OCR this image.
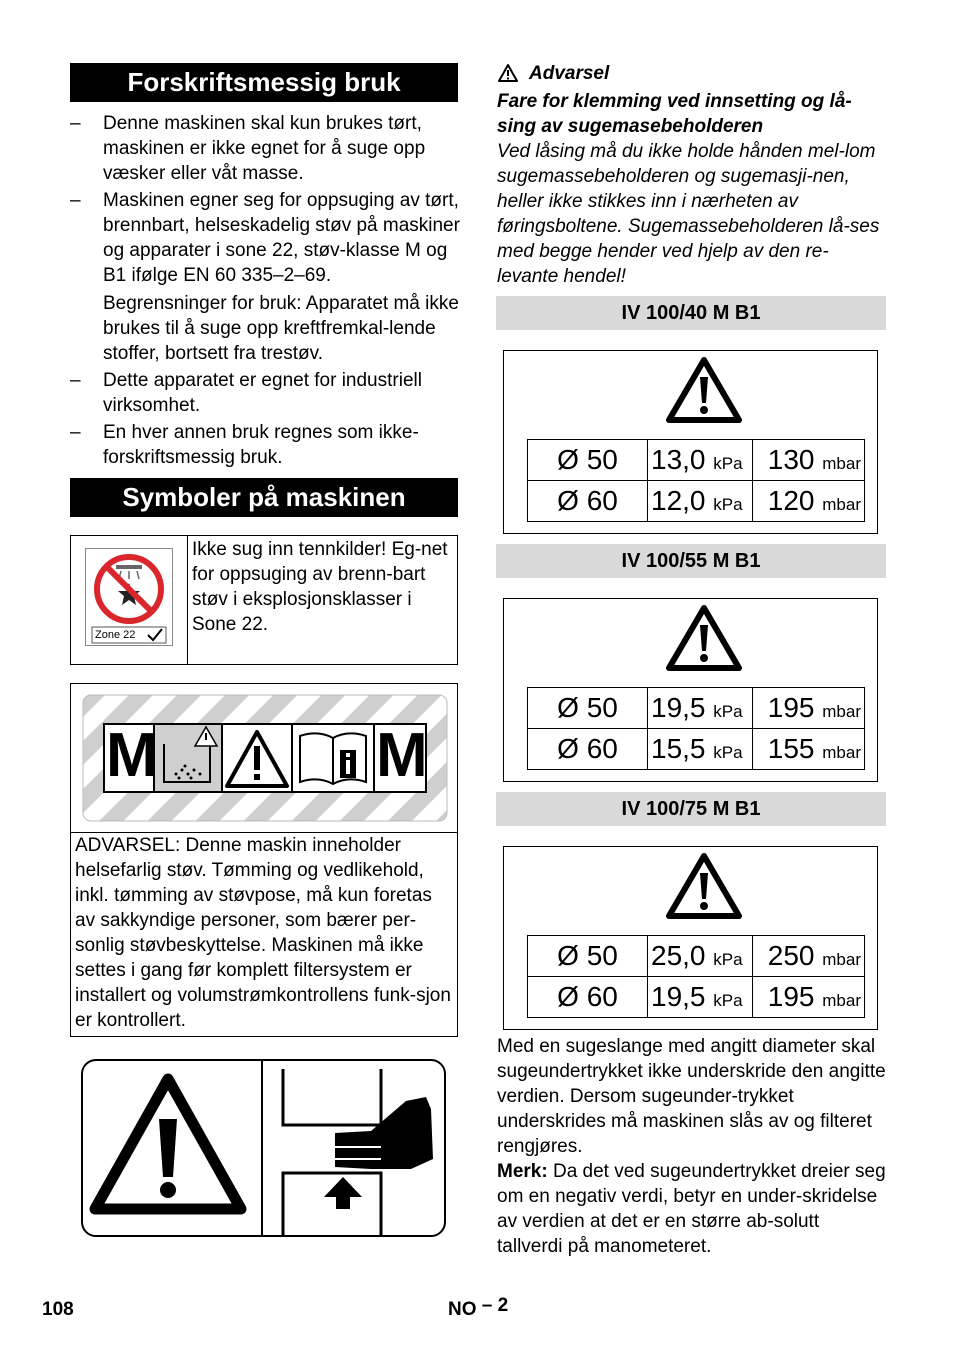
Forskriftsmessig bruk
–	Denne maskinen skal kun brukes tørt, maskinen er ikke egnet for å suge opp væsker eller våt masse.
–	Maskinen egner seg for oppsuging av tørt, brennbart, helseskadelig støv på maskiner og apparater i sone 22, støv-klasse M og B1 ifølge EN 60 335–2–69.
Begrensninger for bruk: Apparatet må ikke brukes til å suge opp kreftfremkal-lende stoffer, bortsett fra trestøv.
–	Dette apparatet er egnet for industriell virksomhet.
–	En hver annen bruk regnes som ikke-forskriftsmessig bruk.
Symboler på maskinen
Zone 22
Ikke sug inn tennkilder! Eg-net for oppsuging av brenn-bart støv i eksplosjonsklasser i Sone 22.
M	M
ADVARSEL: Denne maskin inneholder helsefarlig støv. Tømming og vedlikehold, inkl. tømming av støvpose, må kun foretas av sakkyndige personer, som bærer per-sonlig støvbeskyttelse. Maskinen må ikke settes i gang før komplett filtersystem er installert og volumstrømkontrollens funk-sjon er kontrollert.
Advarsel
Fare for klemming ved innsetting og lå-sing av sugemasebeholderen
Ved låsing må du ikke holde hånden mel-lom sugemassebeholderen og sugemasji-nen, heller ikke stikkes inn i nærheten av føringsboltene. Sugemassebeholderen lå-ses med begge hender ved hjelp av den re-levante hendel!
IV 100/40 M B1
Ø 50	13,0 kPa	130 mbar
Ø 60	12,0 kPa	120 mbar
IV 100/55 M B1
Ø 50	19,5 kPa	195 mbar
Ø 60	15,5 kPa	155 mbar
IV 100/75 M B1
Ø 50	25,0 kPa	250 mbar
Ø 60	19,5 kPa	195 mbar
Med en sugeslange med angitt diameter skal sugeundertrykket ikke underskride den angitte verdien. Dersom sugeunder-trykket underskrides må maskinen slås av og filteret rengjøres.
Merk: Da det ved sugeundertrykket dreier seg om en negativ verdi, betyr en under-skridelse av verdien at det er en større ab-solutt tallverdi på manometeret.
108	NO – 2
